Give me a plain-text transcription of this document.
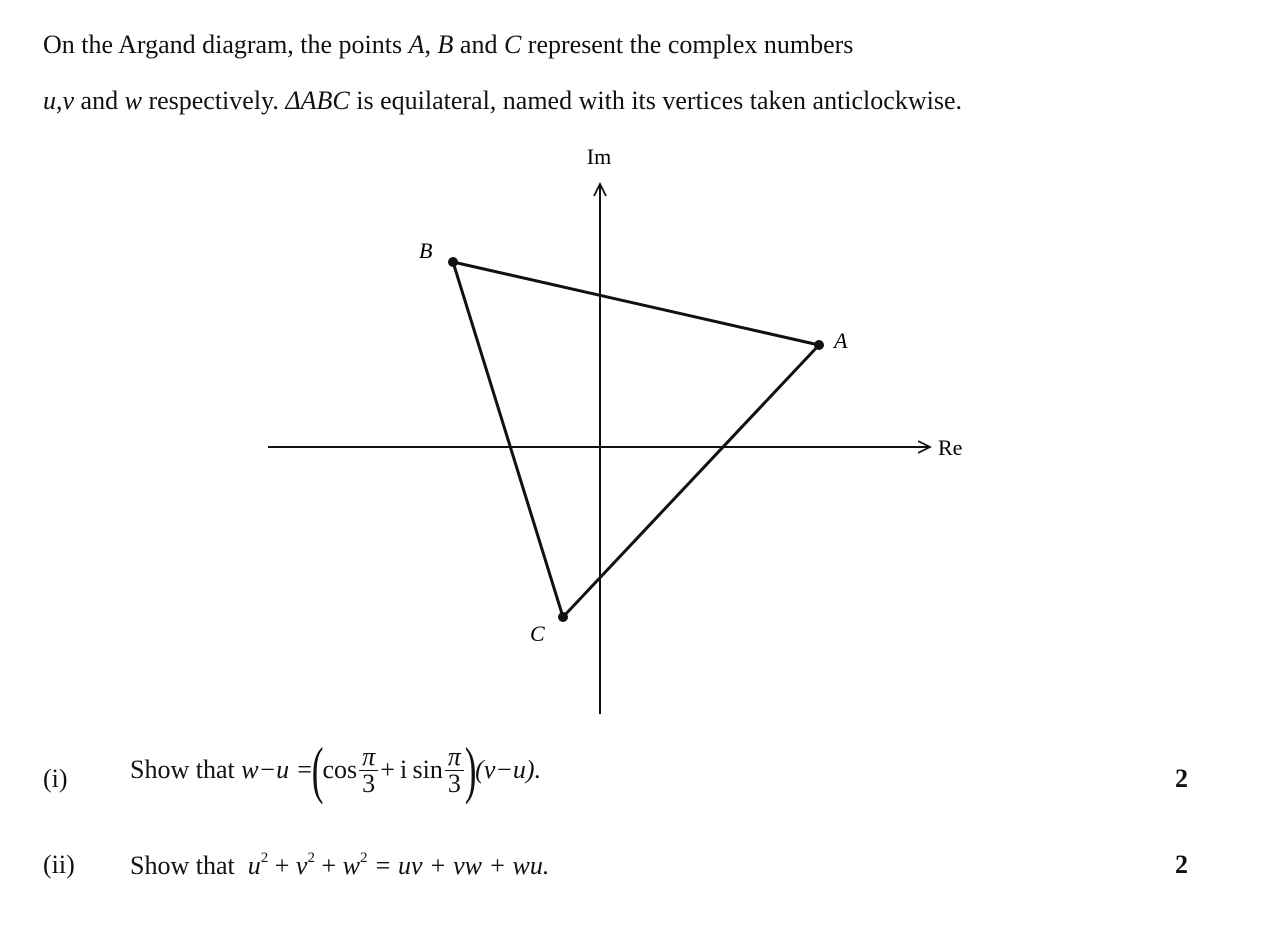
On the Argand diagram, the points A, B and C represent the complex numbers
u,v and w respectively. ΔABC is equilateral, named with its vertices taken anticlockwise.
Im
Re
A
B
C
(i) Show that
w−u =
(
$\cos \frac{\pi}{3} + i$ $\sin \frac{\pi}{3}$ )
(v−u).	2
(ii) Show that $u^2 + v^2 + w^2$ = uv + vw + wu.	2
